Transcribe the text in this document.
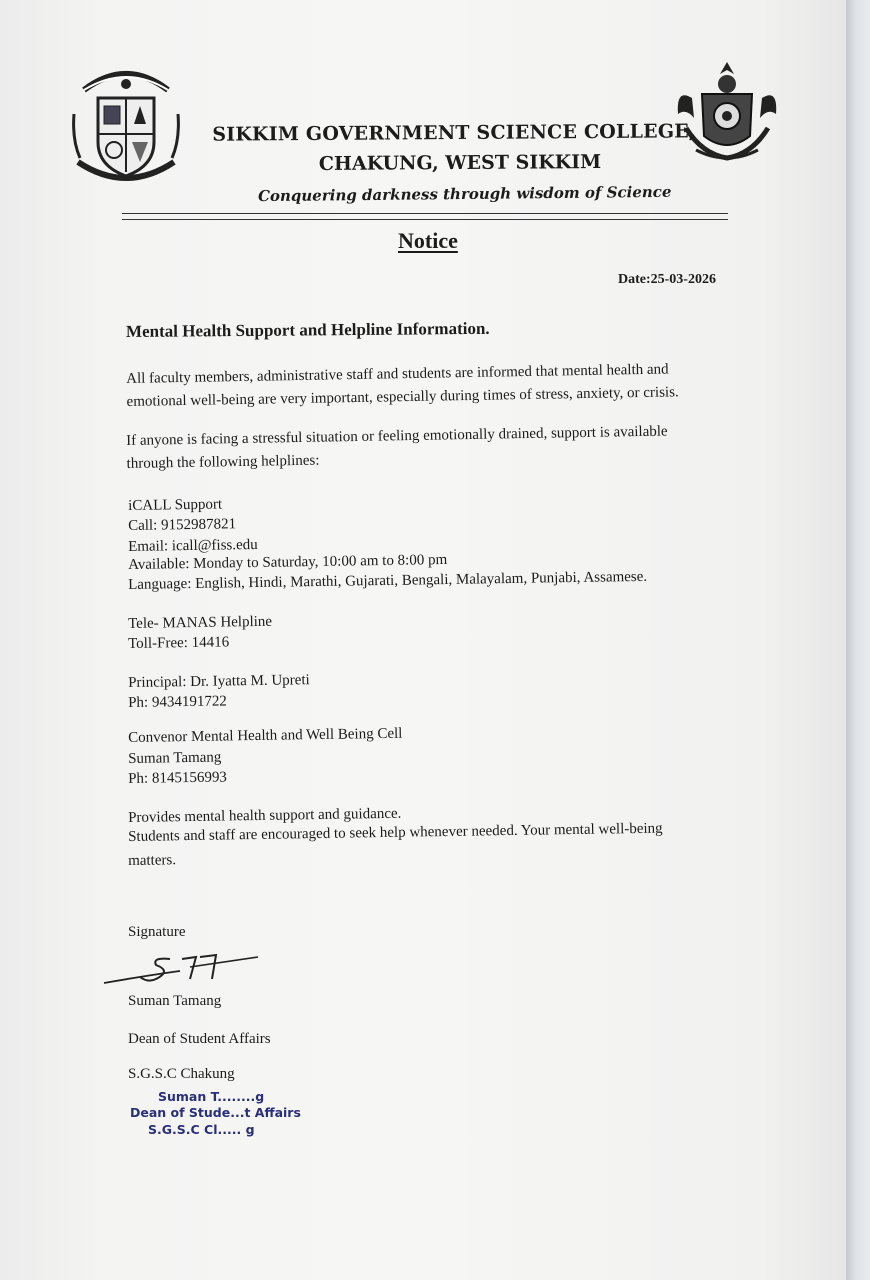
SIKKIM GOVERNMENT SCIENCE COLLEGE,
CHAKUNG, WEST SIKKIM
Conquering darkness through wisdom of Science
Notice
Date:25-03-2026
Mental Health Support and Helpline Information.
All faculty members, administrative staff and students are informed that mental health and
emotional well-being are very important, especially during times of stress, anxiety, or crisis.
If anyone is facing a stressful situation or feeling emotionally drained, support is available
through the following helplines:
iCALL Support
Call: 9152987821
Email: icall@fiss.edu
Available: Monday to Saturday, 10:00 am to 8:00 pm
Language: English, Hindi, Marathi, Gujarati, Bengali, Malayalam, Punjabi, Assamese.
Tele- MANAS Helpline
Toll-Free: 14416
Principal: Dr. Iyatta M. Upreti
Ph: 9434191722
Convenor Mental Health and Well Being Cell
Suman Tamang
Ph: 8145156993
Provides mental health support and guidance.
Students and staff are encouraged to seek help whenever needed. Your mental well-being
matters.
Signature
Suman Tamang
Dean of Student Affairs
S.G.S.C Chakung
Suman T........g
Dean of Stude...t Affairs
S.G.S.C Cl..... g
